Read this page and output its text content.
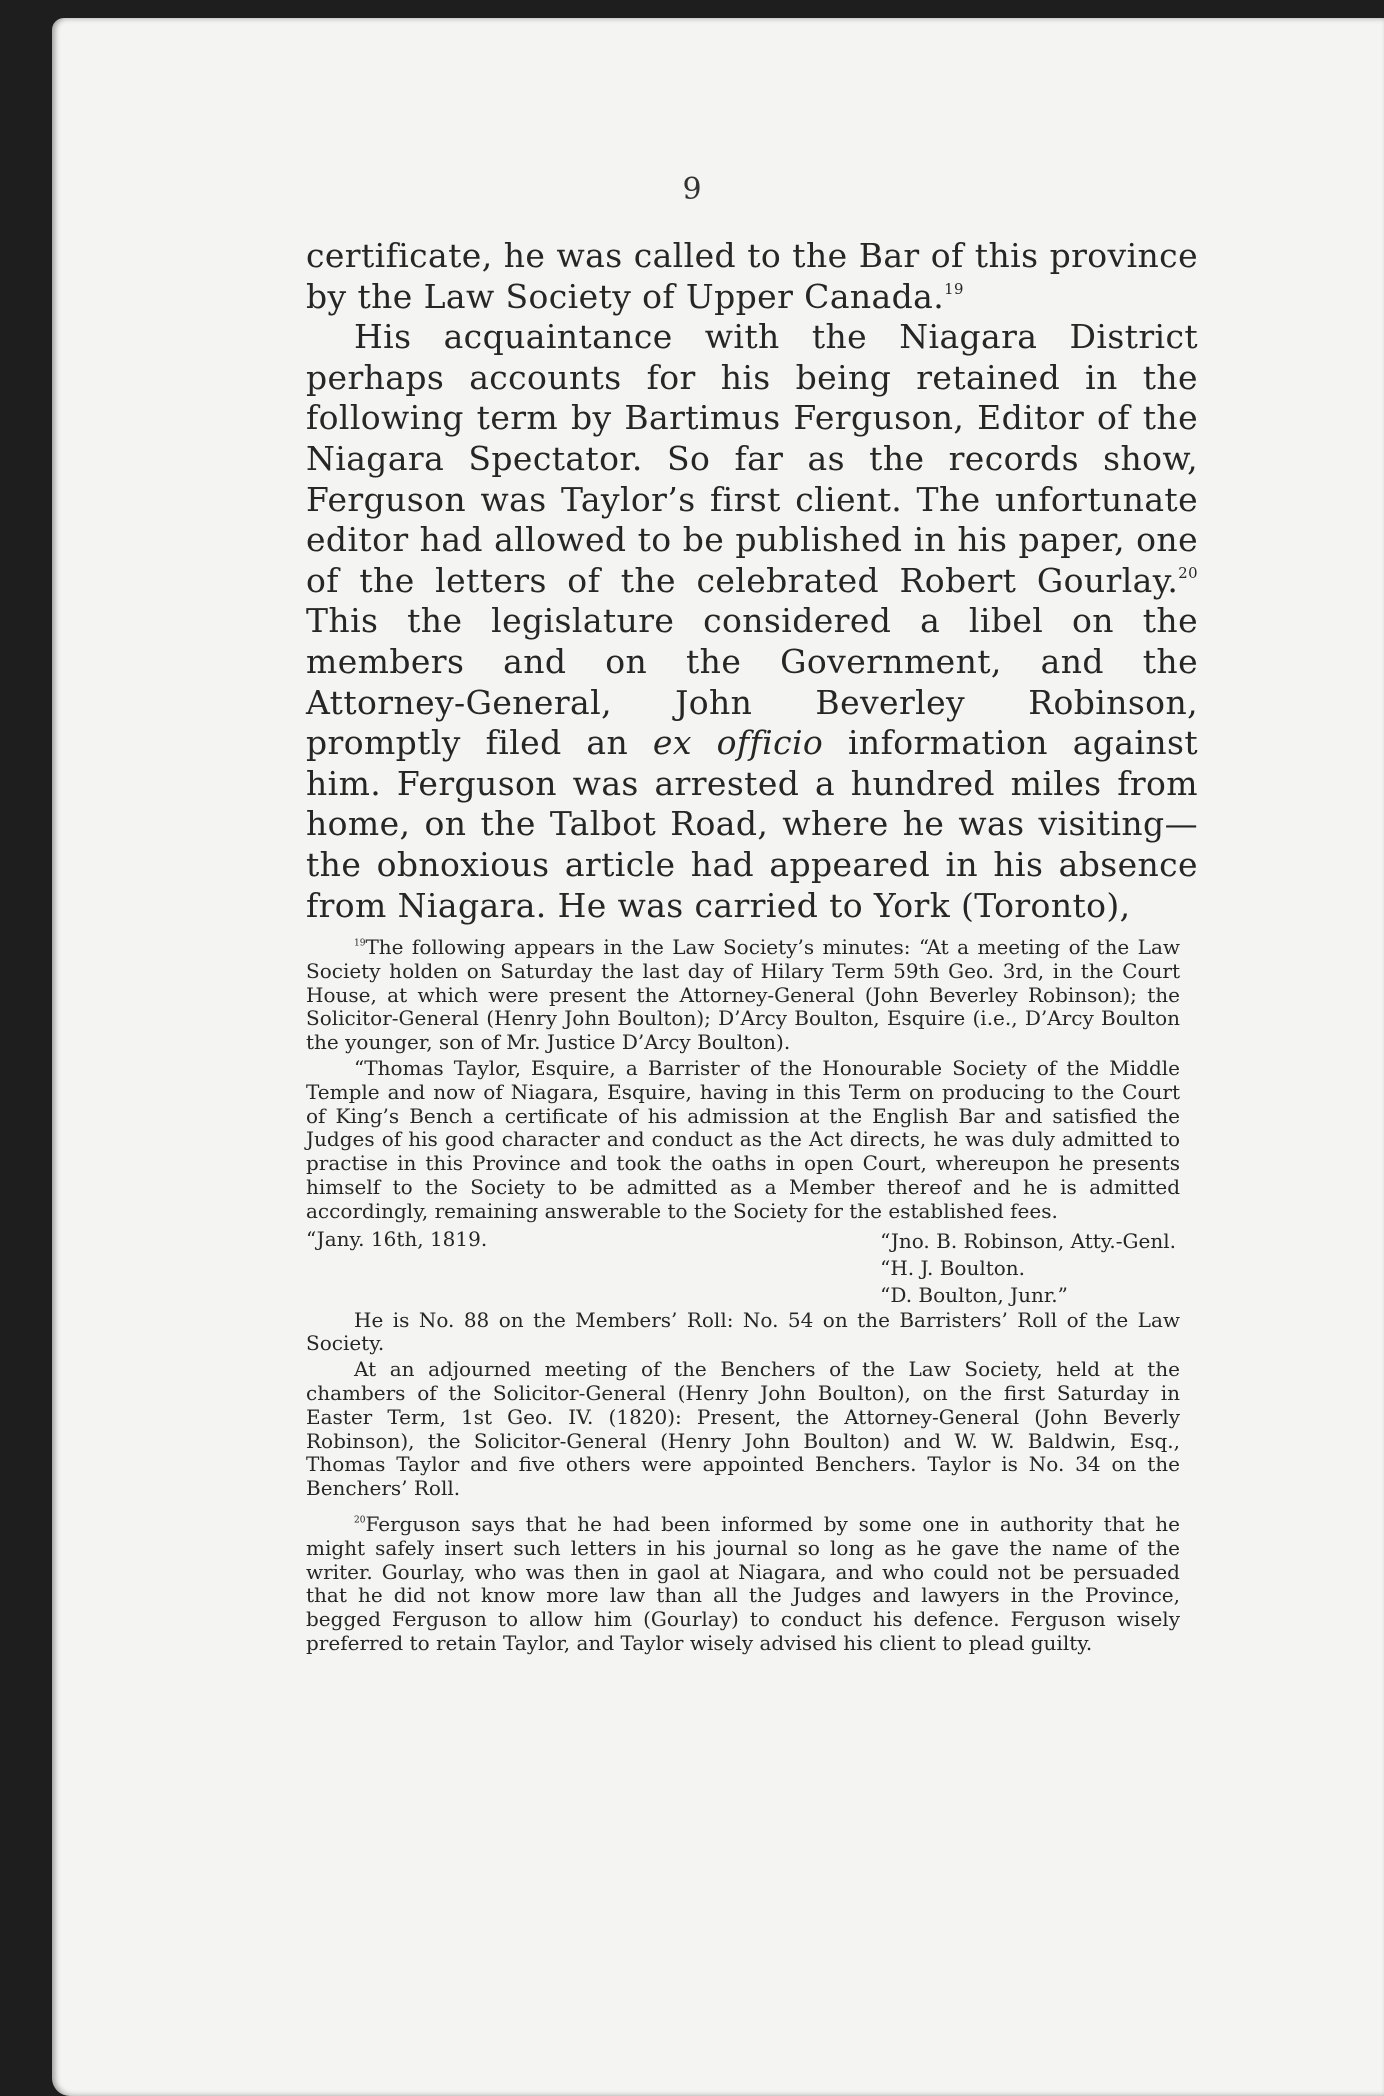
9

certificate, he was called to the Bar of this province by the Law Society of Upper Canada.$^{19}$

His acquaintance with the Niagara District perhaps accounts for his being retained in the following term by Bartimus Ferguson, Editor of the Niagara Spectator. So far as the records show, Ferguson was Taylor’s first client. The unfortunate editor had allowed to be published in his paper, one of the letters of the celebrated Robert Gourlay.$^{20}$ This the legislature considered a libel on the members and on the Government, and the Attorney-General, John Beverley Robinson, promptly filed an ex officio information against him. Ferguson was arrested a hundred miles from home, on the Talbot Road, where he was visiting—the obnoxious article had appeared in his absence from Niagara. He was carried to York (Toronto),

$^{19}$The following appears in the Law Society’s minutes: “At a meeting of the Law Society holden on Saturday the last day of Hilary Term 59th Geo. 3rd, in the Court House, at which were present the Attorney-General (John Beverley Robinson); the Solicitor-General (Henry John Boulton); D’Arcy Boulton, Esquire (i.e., D’Arcy Boulton the younger, son of Mr. Justice D’Arcy Boulton).

“Thomas Taylor, Esquire, a Barrister of the Honourable Society of the Middle Temple and now of Niagara, Esquire, having in this Term on producing to the Court of King’s Bench a certificate of his admission at the English Bar and satisfied the Judges of his good character and conduct as the Act directs, he was duly admitted to practise in this Province and took the oaths in open Court, whereupon he presents himself to the Society to be admitted as a Member thereof and he is admitted accordingly, remaining answerable to the Society for the established fees.

“Jany. 16th, 1819.	“Jno. B. Robinson, Atty.-Genl.
“H. J. Boulton.
“D. Boulton, Junr.”

He is No. 88 on the Members’ Roll: No. 54 on the Barristers’ Roll of the Law Society.

At an adjourned meeting of the Benchers of the Law Society, held at the chambers of the Solicitor-General (Henry John Boulton), on the first Saturday in Easter Term, 1st Geo. IV. (1820): Present, the Attorney-General (John Beverly Robinson), the Solicitor-General (Henry John Boulton) and W. W. Baldwin, Esq., Thomas Taylor and five others were appointed Benchers. Taylor is No. 34 on the Benchers’ Roll.

$^{20}$Ferguson says that he had been informed by some one in authority that he might safely insert such letters in his journal so long as he gave the name of the writer. Gourlay, who was then in gaol at Niagara, and who could not be persuaded that he did not know more law than all the Judges and lawyers in the Province, begged Ferguson to allow him (Gourlay) to conduct his defence. Ferguson wisely preferred to retain Taylor, and Taylor wisely advised his client to plead guilty.
